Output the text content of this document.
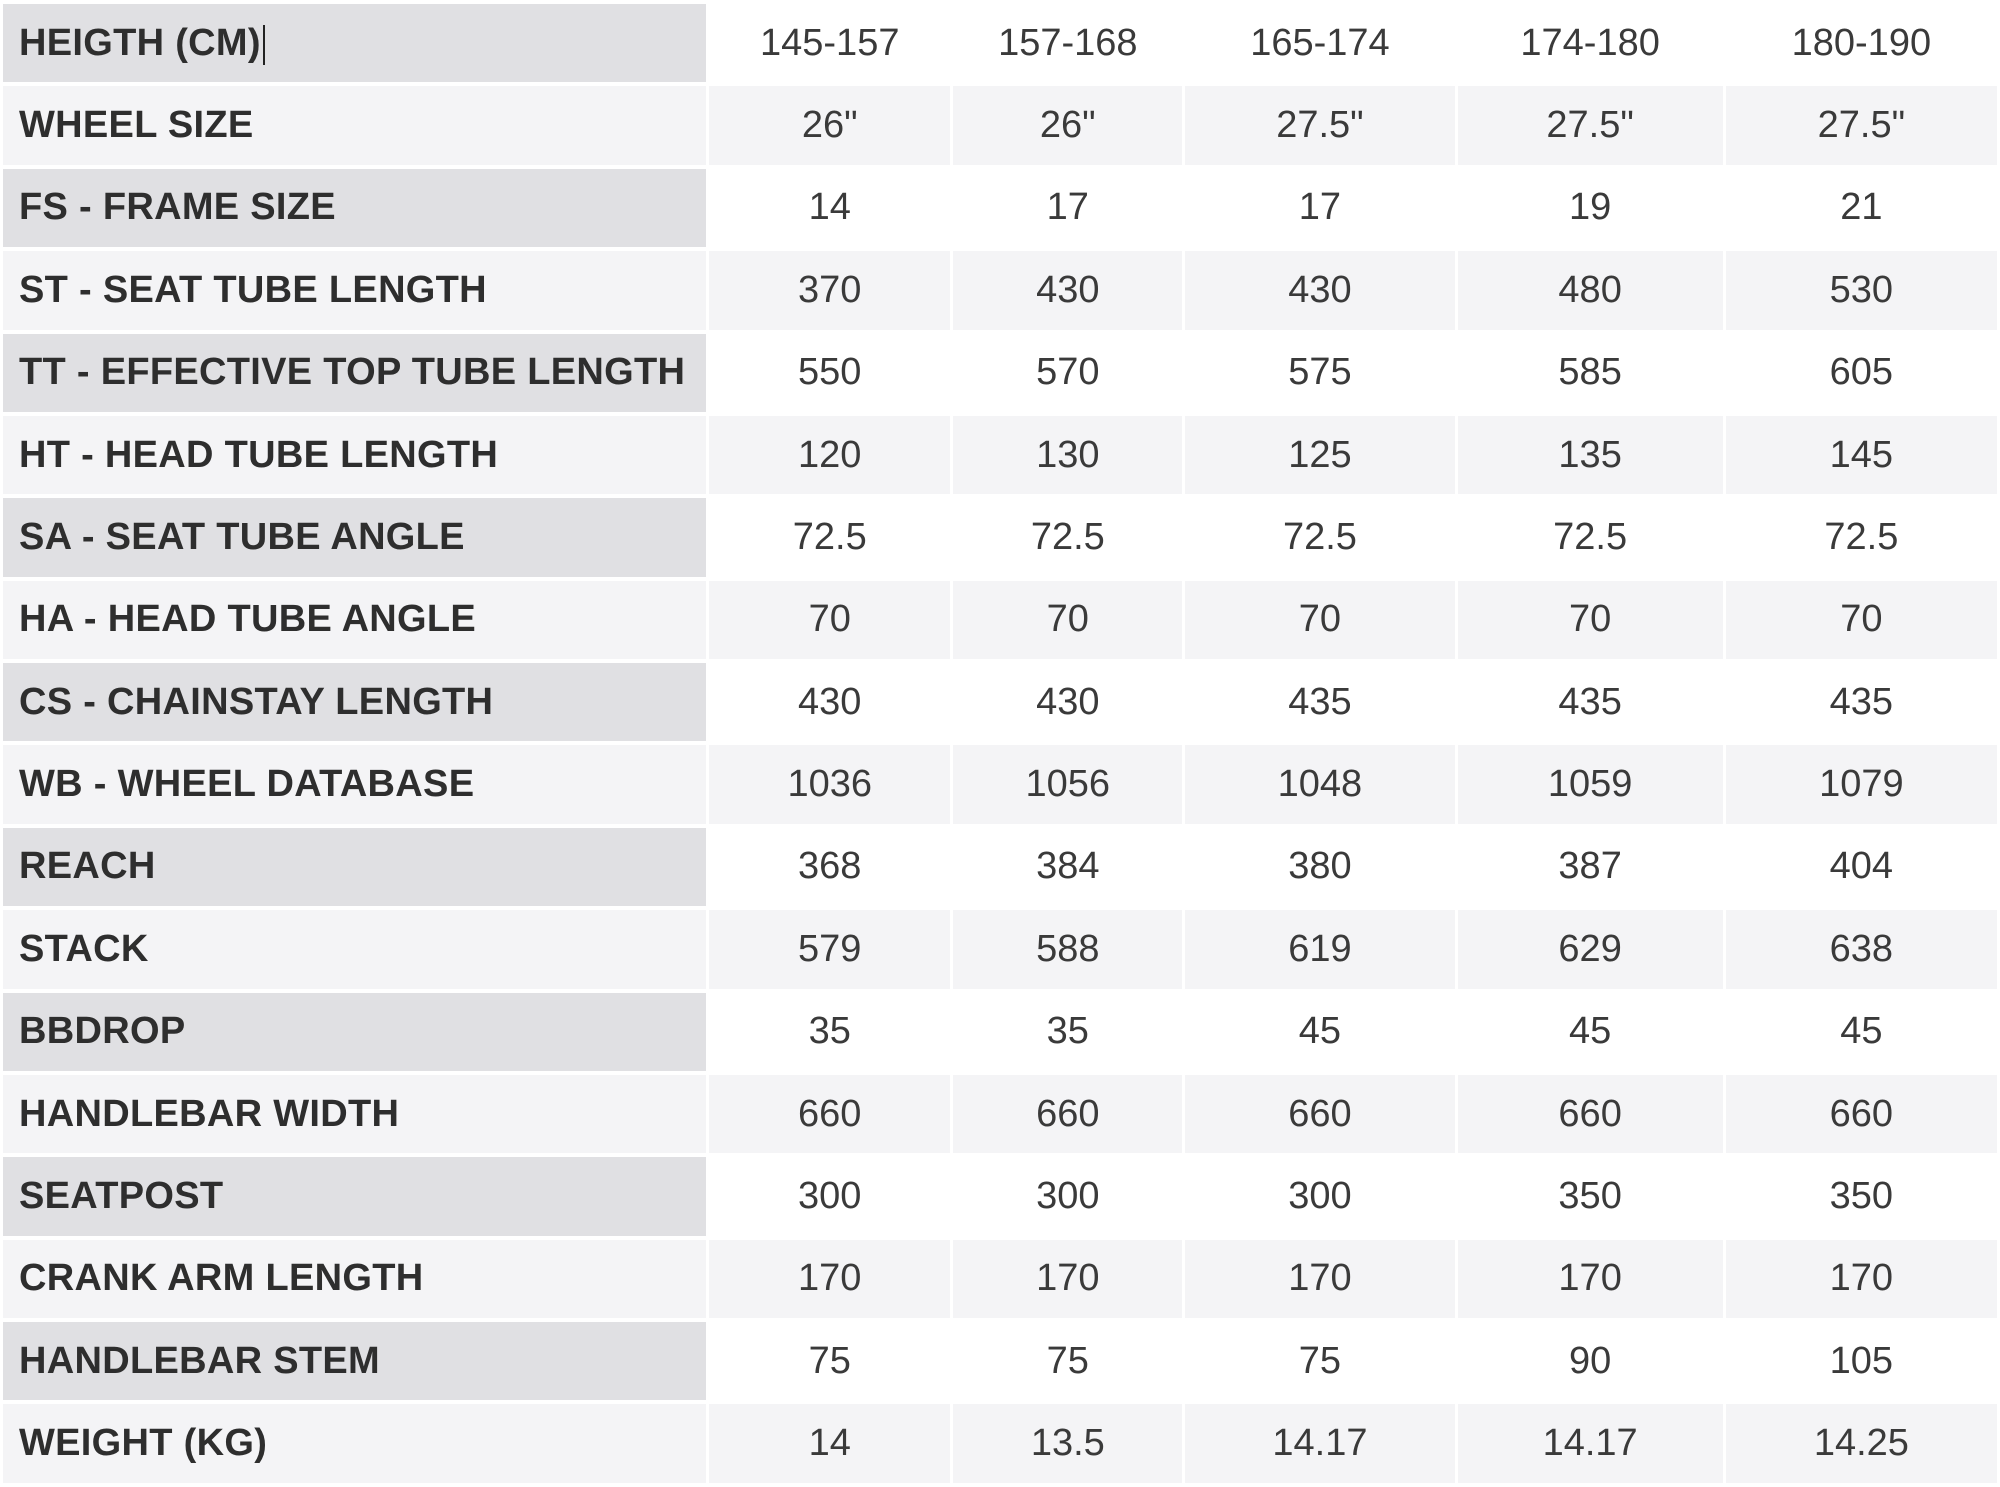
HEIGTH (CM)	145-157	157-168	165-174	174-180	180-190
WHEEL SIZE	26"	26"	27.5"	27.5"	27.5"
FS - FRAME SIZE	14	17	17	19	21
ST - SEAT TUBE LENGTH	370	430	430	480	530
TT - EFFECTIVE TOP TUBE LENGTH	550	570	575	585	605
HT - HEAD TUBE LENGTH	120	130	125	135	145
SA - SEAT TUBE ANGLE	72.5	72.5	72.5	72.5	72.5
HA - HEAD TUBE ANGLE	70	70	70	70	70
CS - CHAINSTAY LENGTH	430	430	435	435	435
WB - WHEEL DATABASE	1036	1056	1048	1059	1079
REACH	368	384	380	387	404
STACK	579	588	619	629	638
BBDROP	35	35	45	45	45
HANDLEBAR WIDTH	660	660	660	660	660
SEATPOST	300	300	300	350	350
CRANK ARM LENGTH	170	170	170	170	170
HANDLEBAR STEM	75	75	75	90	105
WEIGHT (KG)	14	13.5	14.17	14.17	14.25
